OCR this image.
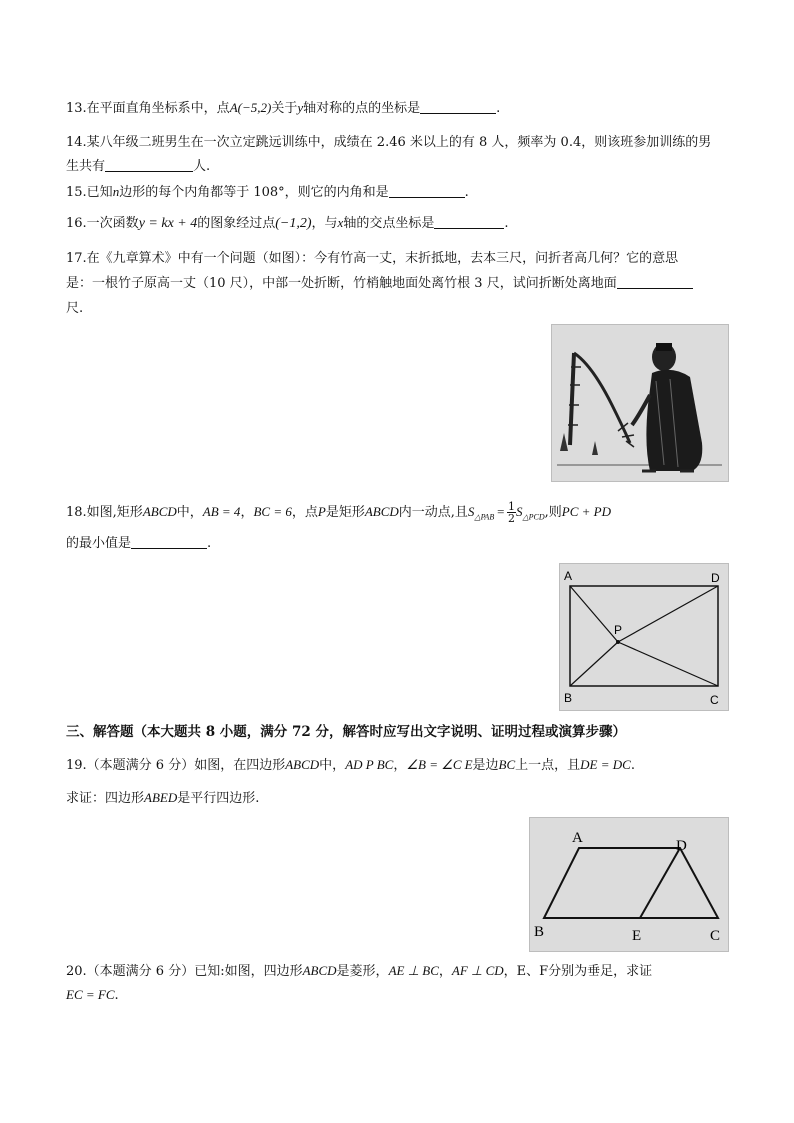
13.在平面直角坐标系中，点A(−5,2)关于y轴对称的点的坐标是	.
14.某八年级二班男生在一次立定跳远训练中，成绩在 2.46 米以上的有 8 人，频率为 0.4，则该班参加训练的男
生共有	人.
15.已知n边形的每个内角都等于 108°，则它的内角和是	.
16.一次函数y = kx + 4的图象经过点(−1,2)，与x轴的交点坐标是	.
17.在《九章算术》中有一个问题（如图）：今有竹高一丈，末折抵地，去本三尺，问折者高几何？它的意思
是：一根竹子原高一丈（10 尺），中部一处折断，竹梢触地面处离竹根 3 尺，试问折断处离地面
尺.
18.如图,矩形ABCD中，AB = 4，BC = 6，点P是矩形ABCD内一动点,且$S_{\triangle PAB} = \frac{1}{2} S_{\triangle PCD}$,则PC + PD
的最小值是	.
A	D
B	C
P
三、解答题（本大题共 8 小题，满分 72 分，解答时应写出文字说明、证明过程或演算步骤）
19.（本题满分 6 分）如图，在四边形ABCD中，AD P BC，∠B = ∠C E是边BC上一点，且DE = DC.
求证：四边形ABED是平行四边形.
A	D
B	E	C
20.（本题满分 6 分）已知:如图，四边形ABCD是菱形，AE ⊥ BC，AF ⊥ CD，E、F分别为垂足，求证
EC = FC.
